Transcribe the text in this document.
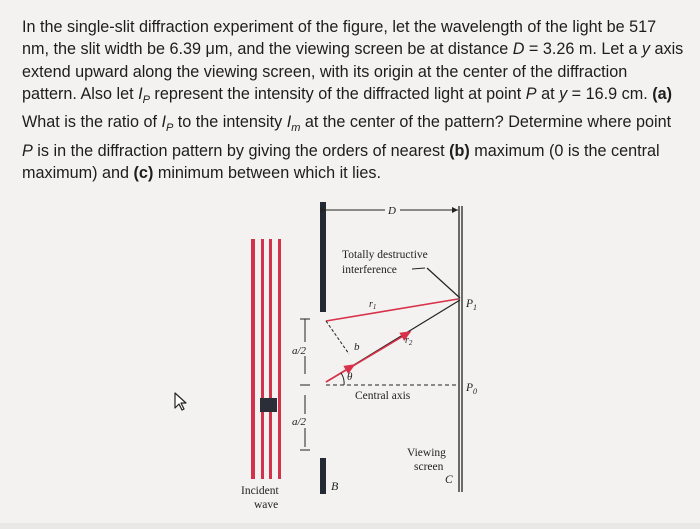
In the single-slit diffraction experiment of the figure, let the wavelength of the light be 517 nm, the slit width be 6.39 μm, and the viewing screen be at distance D = 3.26 m. Let a y axis extend upward along the viewing screen, with its origin at the center of the diffraction pattern. Also let $I_P$ represent the intensity of the diffracted light at point P at y = 16.9 cm. (a) What is the ratio of $I_P$ to the intensity $I_m$ at the center of the pattern? Determine where point P is in the diffraction pattern by giving the orders of nearest (b) maximum (0 is the central maximum) and (c) minimum between which it lies.

a/2
a/2
B
D
Totally destructive
interference
$r_1$
$r_2$
b
θ
$P_1$
$P_0$
Central axis
Viewing
screen
C
Incident
wave
